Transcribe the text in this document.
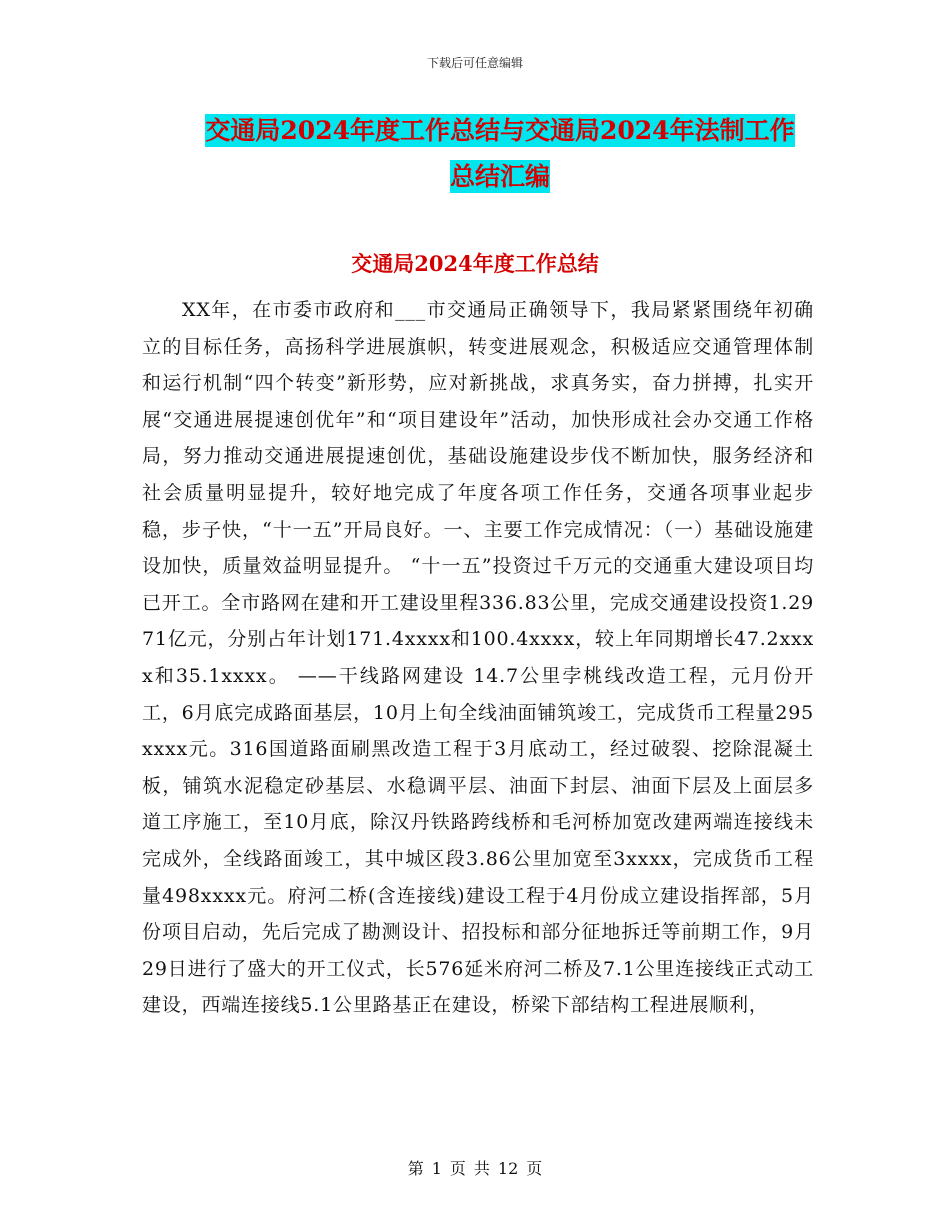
下载后可任意编辑
交通局2024年度工作总结与交通局2024年法制工作
总结汇编
交通局2024年度工作总结

XX年，在市委市政府和___市交通局正确领导下，我局紧紧围绕年初确立的目标任务，高扬科学进展旗帜，转变进展观念，积极适应交通管理体制和运行机制“四个转变”新形势，应对新挑战，求真务实，奋力拼搏，扎实开展“交通进展提速创优年”和“项目建设年”活动，加快形成社会办交通工作格局，努力推动交通进展提速创优，基础设施建设步伐不断加快，服务经济和社会质量明显提升，较好地完成了年度各项工作任务，交通各项事业起步稳，步子快，“十一五”开局良好。一、主要工作完成情况：（一）基础设施建设加快，质量效益明显提升。 “十一五”投资过千万元的交通重大建设项目均已开工。全市路网在建和开工建设里程336.83公里，完成交通建设投资1.2971亿元，分别占年计划171.4xxxx和100.4xxxx，较上年同期增长47.2xxxx和35.1xxxx。 ——干线路网建设 14.7公里孛桃线改造工程，元月份开工，6月底完成路面基层，10月上旬全线油面铺筑竣工，完成货币工程量295xxxx元。316国道路面刷黑改造工程于3月底动工，经过破裂、挖除混凝土板，铺筑水泥稳定砂基层、水稳调平层、油面下封层、油面下层及上面层多道工序施工，至10月底，除汉丹铁路跨线桥和毛河桥加宽改建两端连接线未完成外，全线路面竣工，其中城区段3.86公里加宽至3xxxx，完成货币工程量498xxxx元。府河二桥(含连接线)建设工程于4月份成立建设指挥部，5月份项目启动，先后完成了勘测设计、招投标和部分征地拆迁等前期工作，9月29日进行了盛大的开工仪式，长576延米府河二桥及7.1公里连接线正式动工建设，西端连接线5.1公里路基正在建设，桥梁下部结构工程进展顺利，

第 1 页 共 12 页
